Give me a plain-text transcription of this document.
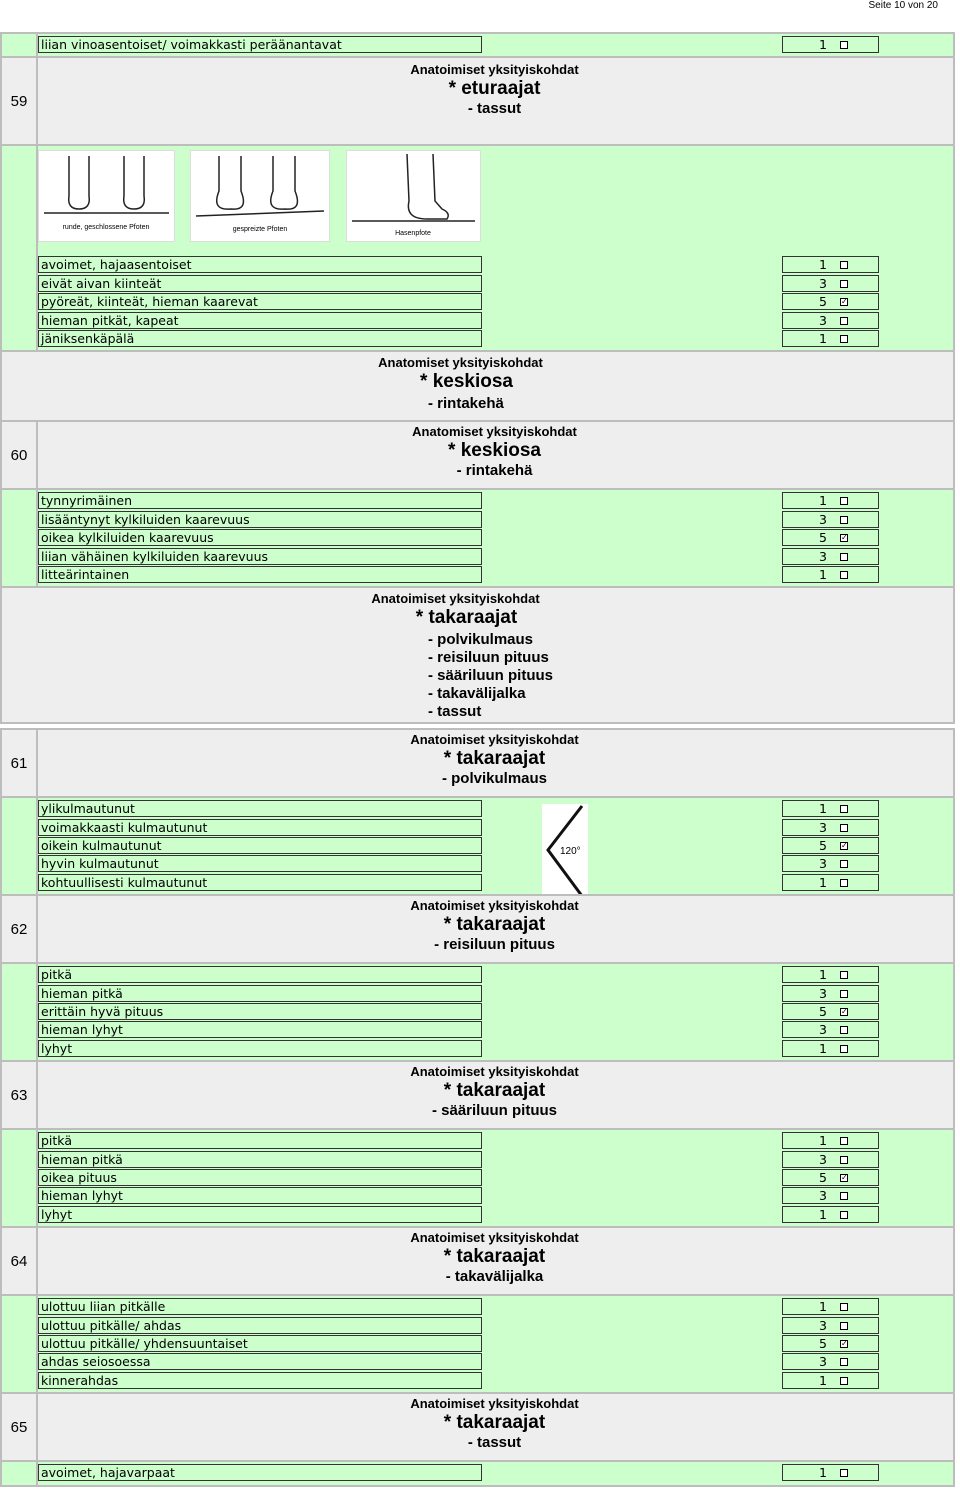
Seite 10 von 20
liian vinoasentoiset/ voimakkasti peräänantavat	1
59
Anatoimiset yksityiskohdat
* eturaajat
- tassut
runde, geschlossene Pfoten	gespreizte Pfoten
Hasenpfote
avoimet, hajaasentoiset	1
eivät aivan kiinteät	3
pyöreät, kiinteät, hieman kaarevat	5 ✓
hieman pitkät, kapeat	3
jäniksenkäpälä	1
Anatomiset yksityiskohdat
* keskiosa
- rintakehä
60
Anatomiset yksityiskohdat
* keskiosa
- rintakehä
tynnyrimäinen	1
lisääntynyt kylkiluiden kaarevuus	3
oikea kylkiluiden kaarevuus	5 ✓
liian vähäinen kylkiluiden kaarevuus	3
litteärintainen	1
Anatoimiset yksityiskohdat
* takaraajat
- polvikulmaus
- reisiluun pituus
- sääriluun pituus
- takavälijalka
- tassut
61
Anatoimiset yksityiskohdat
* takaraajat
- polvikulmaus
ylikulmautunut	1
voimakkaasti kulmautunut	3
oikein kulmautunut	5 ✓
hyvin kulmautunut	3
kohtuullisesti kulmautunut	1
120°
62
Anatoimiset yksityiskohdat
* takaraajat
- reisiluun pituus
pitkä	1
hieman pitkä	3
erittäin hyvä pituus	5 ✓
hieman lyhyt	3
lyhyt	1
63
Anatoimiset yksityiskohdat
* takaraajat
- sääriluun pituus
pitkä	1
hieman pitkä	3
oikea pituus	5 ✓
hieman lyhyt	3
lyhyt	1
64
Anatoimiset yksityiskohdat
* takaraajat
- takavälijalka
ulottuu liian pitkälle	1
ulottuu pitkälle/ ahdas	3
ulottuu pitkälle/ yhdensuuntaiset	5 ✓
ahdas seiosoessa	3
kinnerahdas	1
65
Anatoimiset yksityiskohdat
* takaraajat
- tassut
avoimet, hajavarpaat	1
